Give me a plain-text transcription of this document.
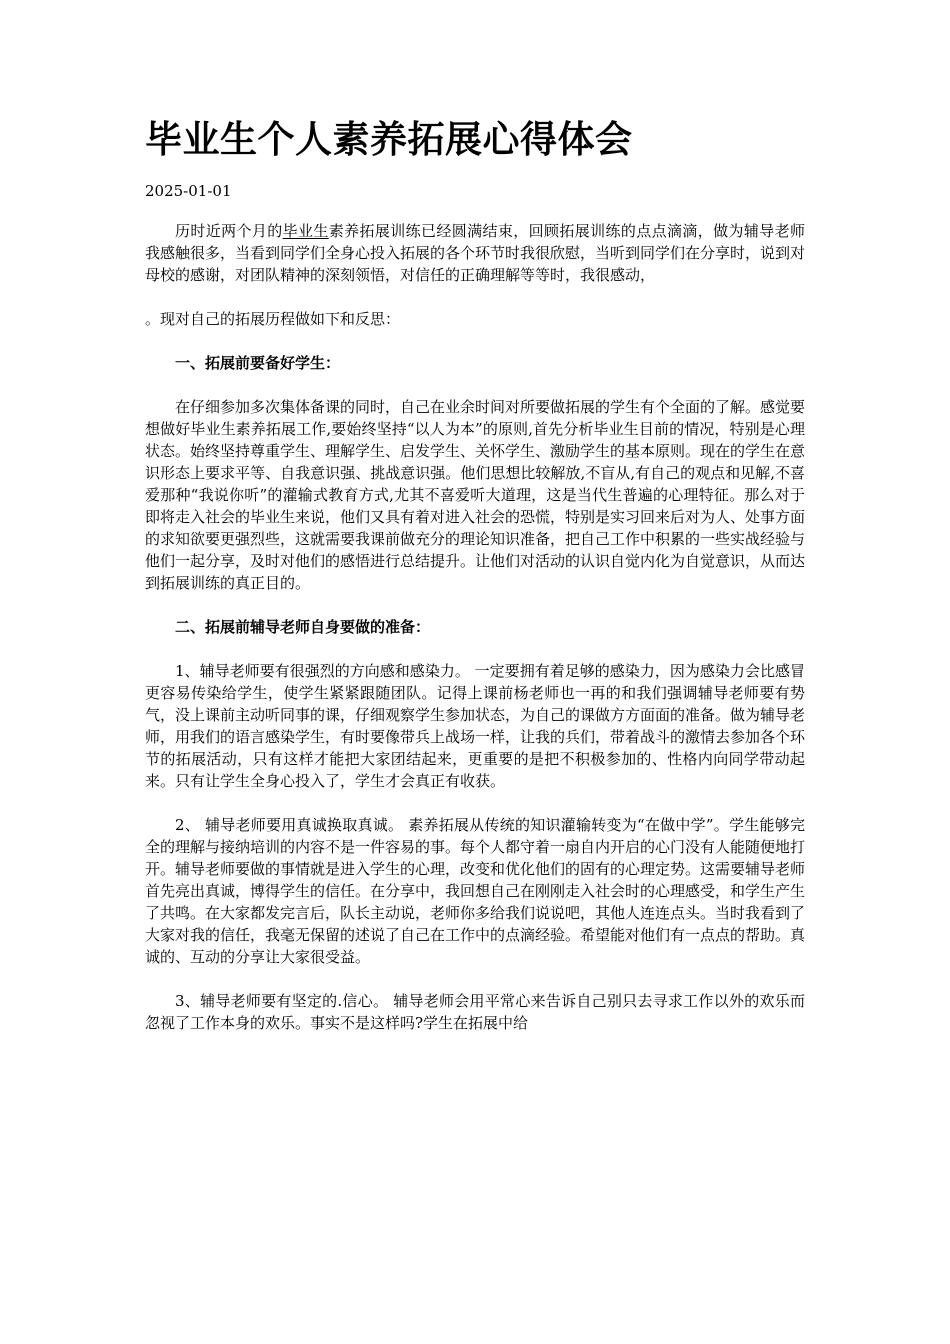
毕业生个人素养拓展心得体会
2025-01-01

历时近两个月的毕业生素养拓展训练已经圆满结束，回顾拓展训练的点点滴滴，做为辅导老师我感触很多，当看到同学们全身心投入拓展的各个环节时我很欣慰，当听到同学们在分享时，说到对母校的感谢，对团队精神的深刻领悟，对信任的正确理解等等时，我很感动，

。现对自己的拓展历程做如下和反思：

一、拓展前要备好学生：

在仔细参加多次集体备课的同时，自己在业余时间对所要做拓展的学生有个全面的了解。感觉要想做好毕业生素养拓展工作,要始终坚持“以人为本”的原则,首先分析毕业生目前的情况，特别是心理状态。始终坚持尊重学生、理解学生、启发学生、关怀学生、激励学生的基本原则。现在的学生在意识形态上要求平等、自我意识强、挑战意识强。他们思想比较解放,不盲从,有自己的观点和见解,不喜爱那种“我说你听”的灌输式教育方式,尤其不喜爱听大道理，这是当代生普遍的心理特征。那么对于即将走入社会的毕业生来说，他们又具有着对进入社会的恐慌，特别是实习回来后对为人、处事方面的求知欲要更强烈些，这就需要我课前做充分的理论知识准备，把自己工作中积累的一些实战经验与他们一起分享，及时对他们的感悟进行总结提升。让他们对活动的认识自觉内化为自觉意识，从而达到拓展训练的真正目的。

二、拓展前辅导老师自身要做的准备：

1、辅导老师要有很强烈的方向感和感染力。 一定要拥有着足够的感染力，因为感染力会比感冒更容易传染给学生，使学生紧紧跟随团队。记得上课前杨老师也一再的和我们强调辅导老师要有势气，没上课前主动听同事的课，仔细观察学生参加状态，为自己的课做方方面面的准备。做为辅导老师，用我们的语言感染学生，有时要像带兵上战场一样，让我的兵们，带着战斗的激情去参加各个环节的拓展活动，只有这样才能把大家团结起来，更重要的是把不积极参加的、性格内向同学带动起来。只有让学生全身心投入了，学生才会真正有收获。

2、 辅导老师要用真诚换取真诚。 素养拓展从传统的知识灌输转变为“在做中学”。学生能够完全的理解与接纳培训的内容不是一件容易的事。每个人都守着一扇自内开启的心门没有人能随便地打开。辅导老师要做的事情就是进入学生的心理，改变和优化他们的固有的心理定势。这需要辅导老师首先亮出真诚，博得学生的信任。在分享中，我回想自己在刚刚走入社会时的心理感受，和学生产生了共鸣。在大家都发完言后，队长主动说，老师你多给我们说说吧，其他人连连点头。当时我看到了大家对我的信任，我毫无保留的述说了自己在工作中的点滴经验。希望能对他们有一点点的帮助。真诚的、互动的分享让大家很受益。

3、辅导老师要有坚定的.信心。 辅导老师会用平常心来告诉自己别只去寻求工作以外的欢乐而忽视了工作本身的欢乐。事实不是这样吗?学生在拓展中给
